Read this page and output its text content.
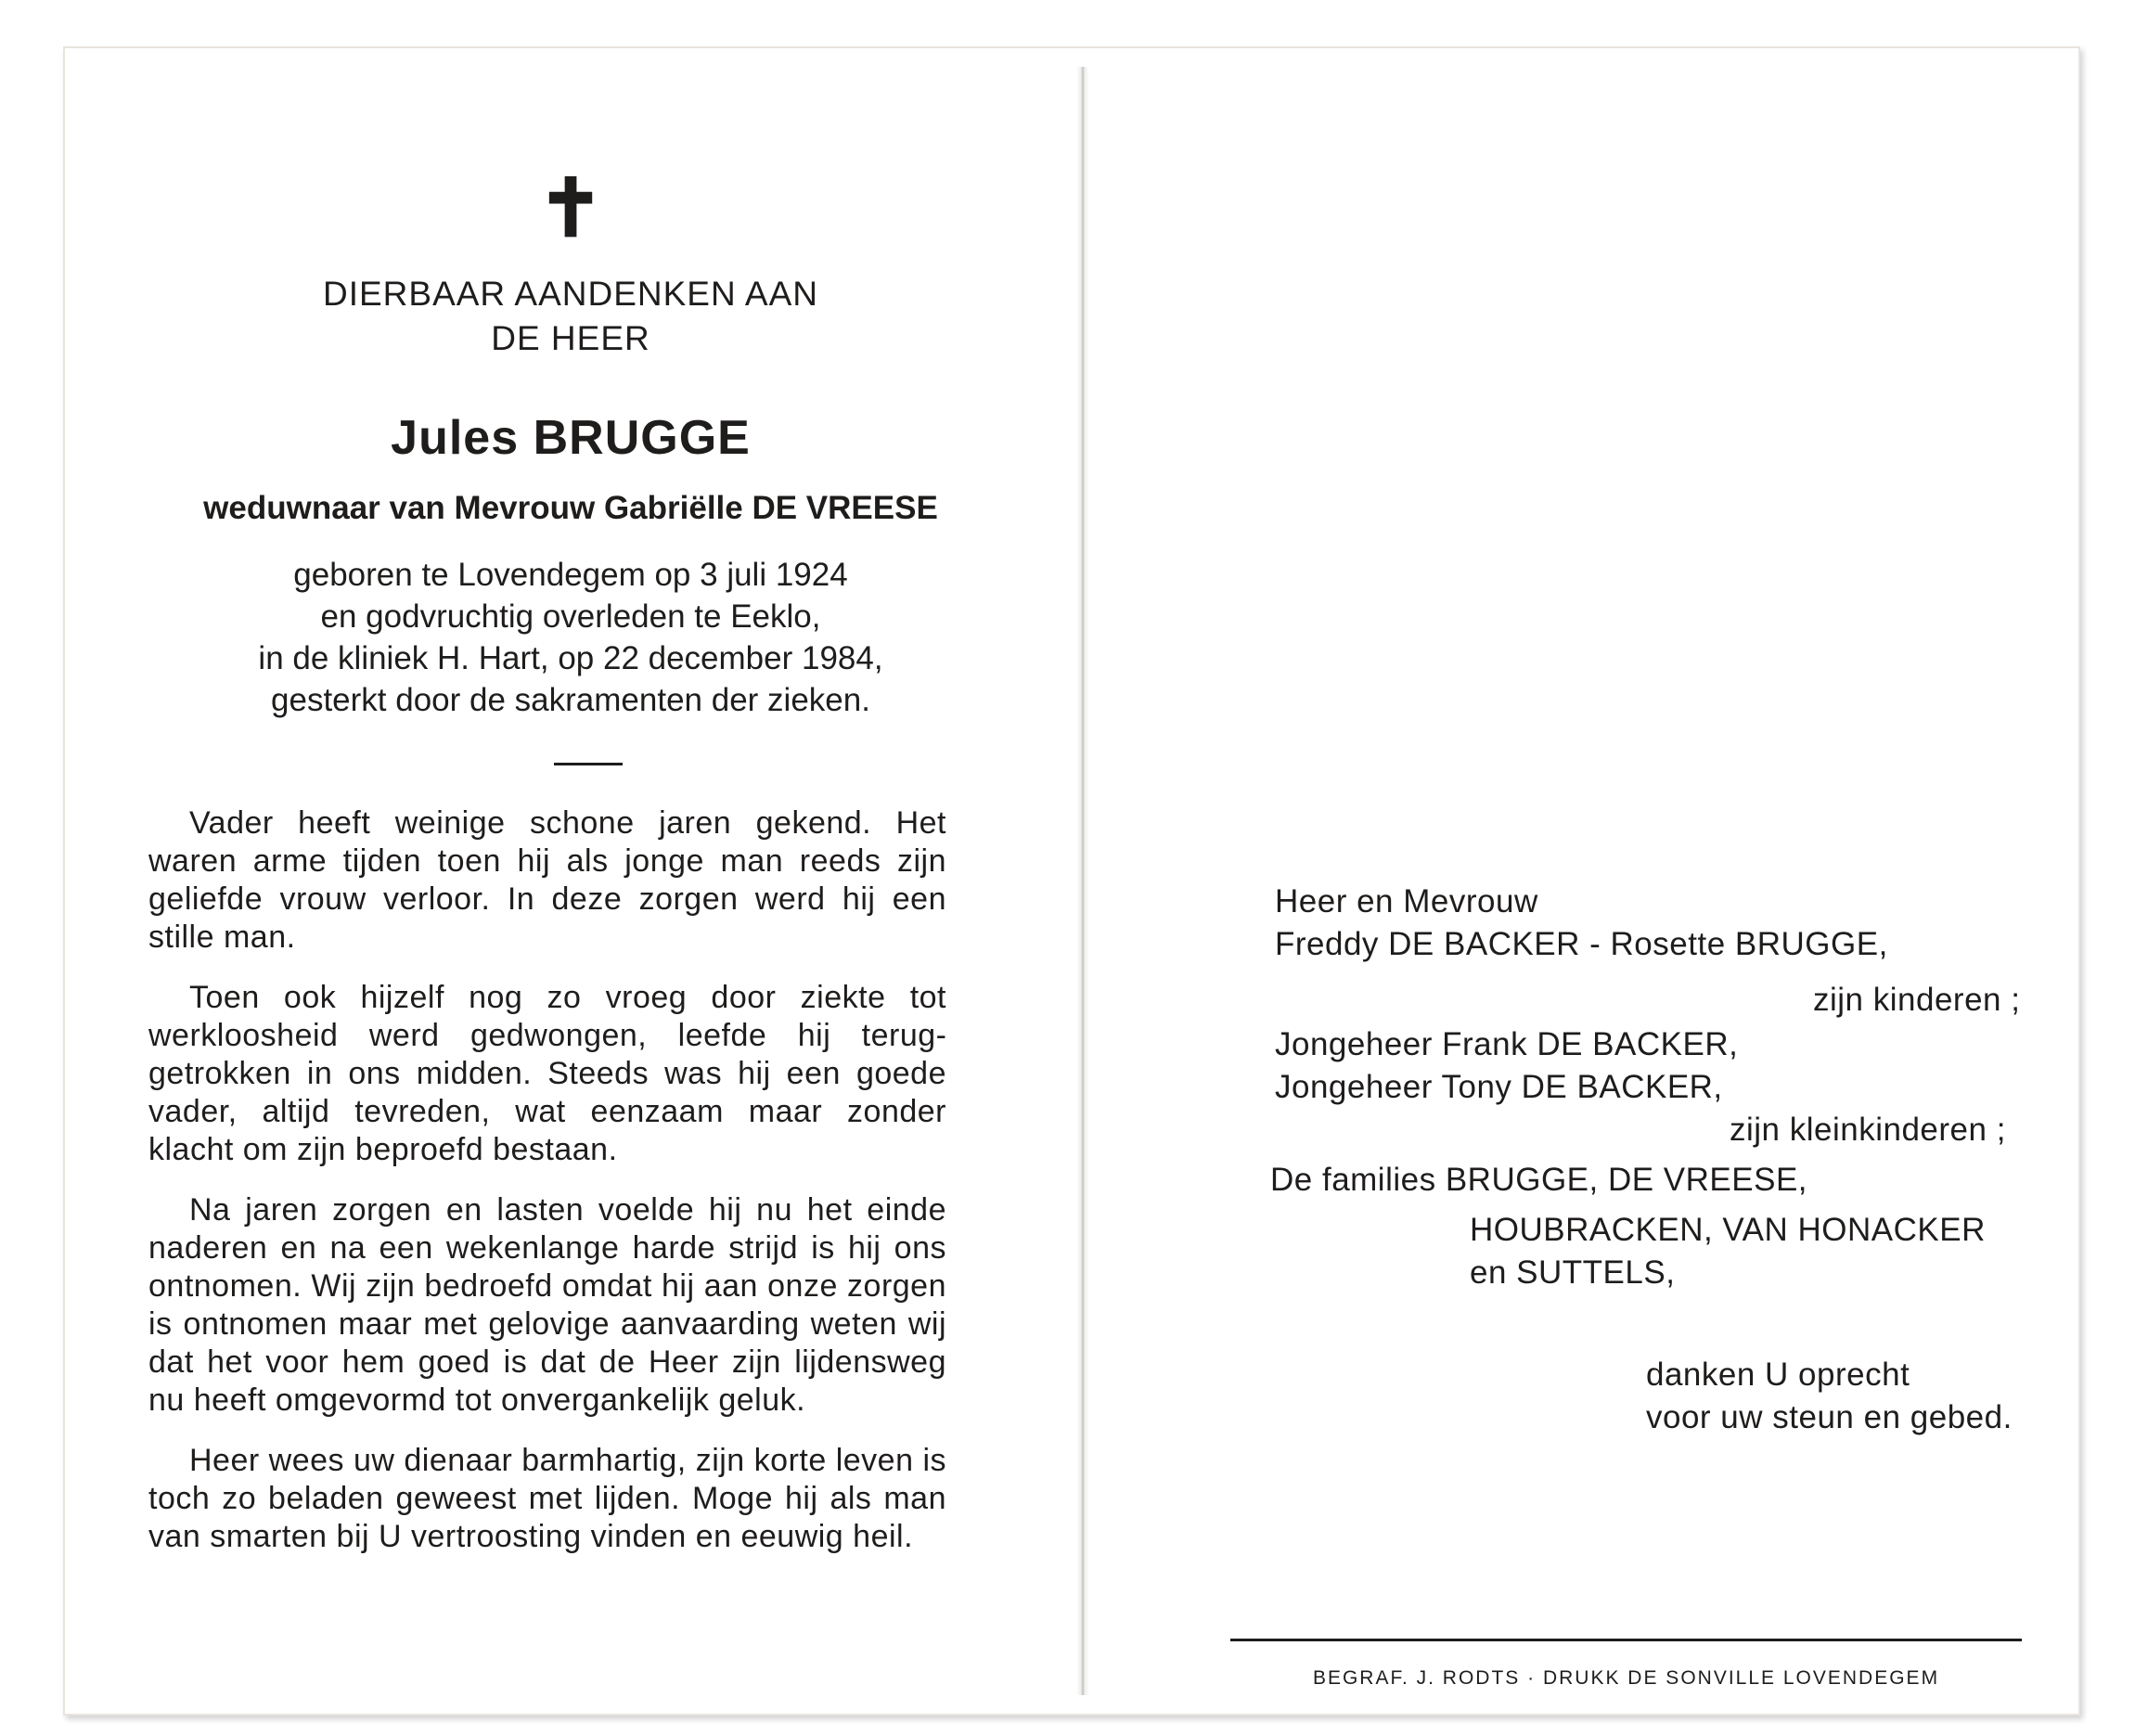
✝
DIERBAAR AANDENKEN AAN
DE HEER
Jules BRUGGE
weduwnaar van Mevrouw Gabriëlle DE VREESE
geboren te Lovendegem op 3 juli 1924
en godvruchtig overleden te Eeklo,
in de kliniek H. Hart, op 22 december 1984,
gesterkt door de sakramenten der zieken.

Vader heeft weinige schone jaren gekend. Het waren arme tijden toen hij als jonge man reeds zijn geliefde vrouw verloor. In deze zorgen werd hij een stille man.

Toen ook hijzelf nog zo vroeg door ziekte tot werkloosheid werd gedwongen, leefde hij teruggetrokken in ons midden. Steeds was hij een goede vader, altijd tevreden, wat eenzaam maar zonder klacht om zijn beproefd bestaan.

Na jaren zorgen en lasten voelde hij nu het einde naderen en na een wekenlange harde strijd is hij ons ontnomen. Wij zijn bedroefd omdat hij aan onze zorgen is ontnomen maar met gelovige aanvaarding weten wij dat het voor hem goed is dat de Heer zijn lijdensweg nu heeft omgevormd tot onvergankelijk geluk.

Heer wees uw dienaar barmhartig, zijn korte leven is toch zo beladen geweest met lijden. Moge hij als man van smarten bij U vertroosting vinden en eeuwig heil.

Heer en Mevrouw
Freddy DE BACKER - Rosette BRUGGE,
zijn kinderen ;
Jongeheer Frank DE BACKER,
Jongeheer Tony DE BACKER,
zijn kleinkinderen ;
De families BRUGGE, DE VREESE,
HOUBRACKEN, VAN HONACKER
en SUTTELS,
danken U oprecht
voor uw steun en gebed.
BEGRAF. J. RODTS · DRUKK DE SONVILLE LOVENDEGEM
